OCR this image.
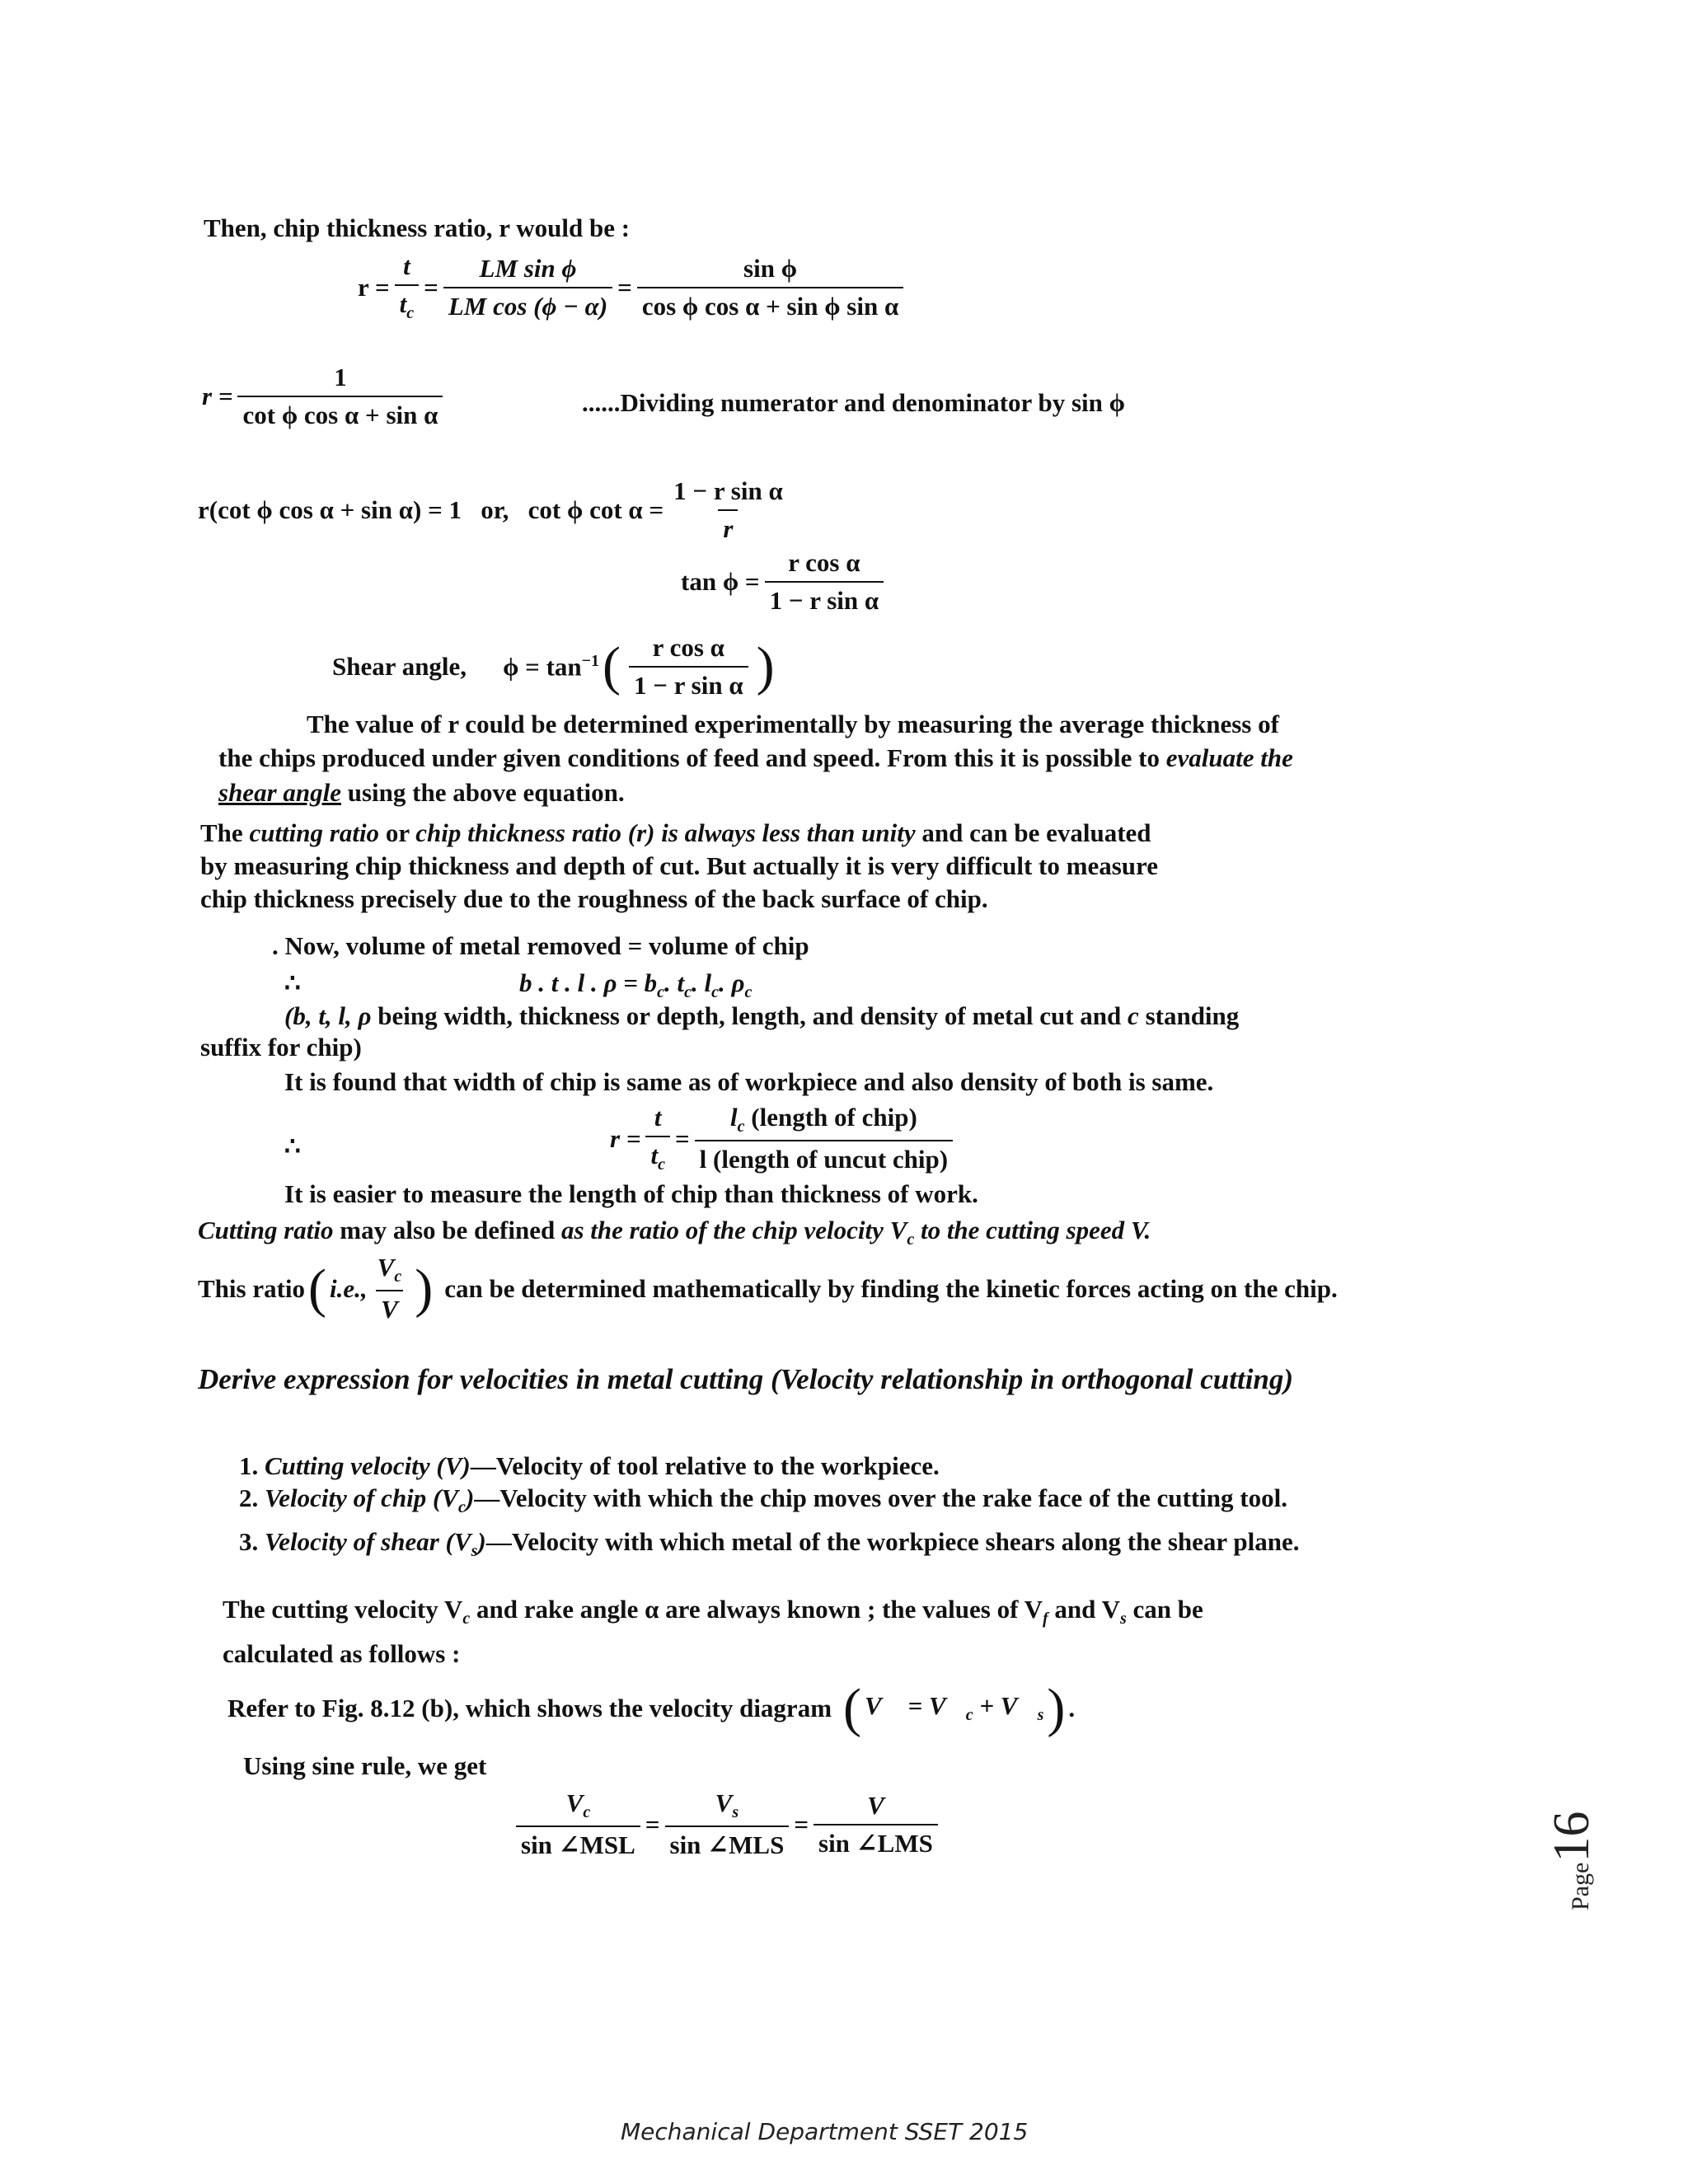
Then, chip thickness ratio, r would be :
$r = \frac{t}{t_c} = \frac{\text{LM sin ϕ}}{\text{LM cos (ϕ − α)}} = \frac{\text{sin ϕ}}{\text{cos ϕ cos α + sin ϕ sin α}}$
$r = \frac{1}{\text{cot ϕ cos α + sin α}}$	......Dividing numerator and denominator by sin ϕ
r(cot ϕ cos α + sin α) = 1   or,   cot ϕ $\cot \alpha = \frac{\text{1 − r sin α}}{r}$
$\tan \phi = \frac{\text{r cos α}}{\text{1 − r sin α}}$
Shear angle, $\phi = \tan^{-1}$ ( $\frac{\text{r cos α}}{\text{1 − r sin α}}$ )
The value of r could be determined experimentally by measuring the average thickness of
the chips produced under given conditions of feed and speed. From this it is possible to evaluate the
shear angle using the above equation.
The cutting ratio or chip thickness ratio (r) is always less than unity and can be evaluated
by measuring chip thickness and depth of cut. But actually it is very difficult to measure
chip thickness precisely due to the roughness of the back surface of chip.
. Now, volume of metal removed = volume of chip
∴	b . t . l . $\rho = b_c$. $t_c$. $l_c$. $\rho_c$
(b, t, l, ρ being width, thickness or depth, length, and density of metal cut and c standing
suffix for chip)
It is found that width of chip is same as of workpiece and also density of both is same.
∴	$r = \frac{t}{t_c} = \frac{l_c (length of chip)}{\text{l (length of uncut chip)}}$
It is easier to measure the length of chip than thickness of work.
Cutting ratio may also be defined as the ratio of the chip velocity $V_c$ to the cutting speed V.
This ratio ( i.e., $\frac{V_c}{V}$ ) can be determined mathematically by finding the kinetic forces acting on the chip.
Derive expression for velocities in metal cutting (Velocity relationship in orthogonal cutting)
1. Cutting velocity (V)—Velocity of tool relative to the workpiece.
2. Velocity of chip $(V_c)—Velocity$ with which the chip moves over the rake face of the cutting tool.
3. Velocity of shear $(V_s)—Velocity$ with which metal of the workpiece shears along the shear plane.
The cutting velocity $V_c$ and rake angle α are always known ; the values of $V_f$ and $V_s$ can be
calculated as follows :
Refer to Fig. 8.12 (b), which shows the velocity diagram ( V⃗ = $V⃗_c$ + $V⃗_s$ ) .
Using sine rule, we get
$\frac{V_c}{\text{sin ∠MSL}} = \frac{V_s}{\text{sin ∠MLS}} = \frac{V}{\text{sin ∠LMS}}$
Page16
Mechanical Department SSET 2015
